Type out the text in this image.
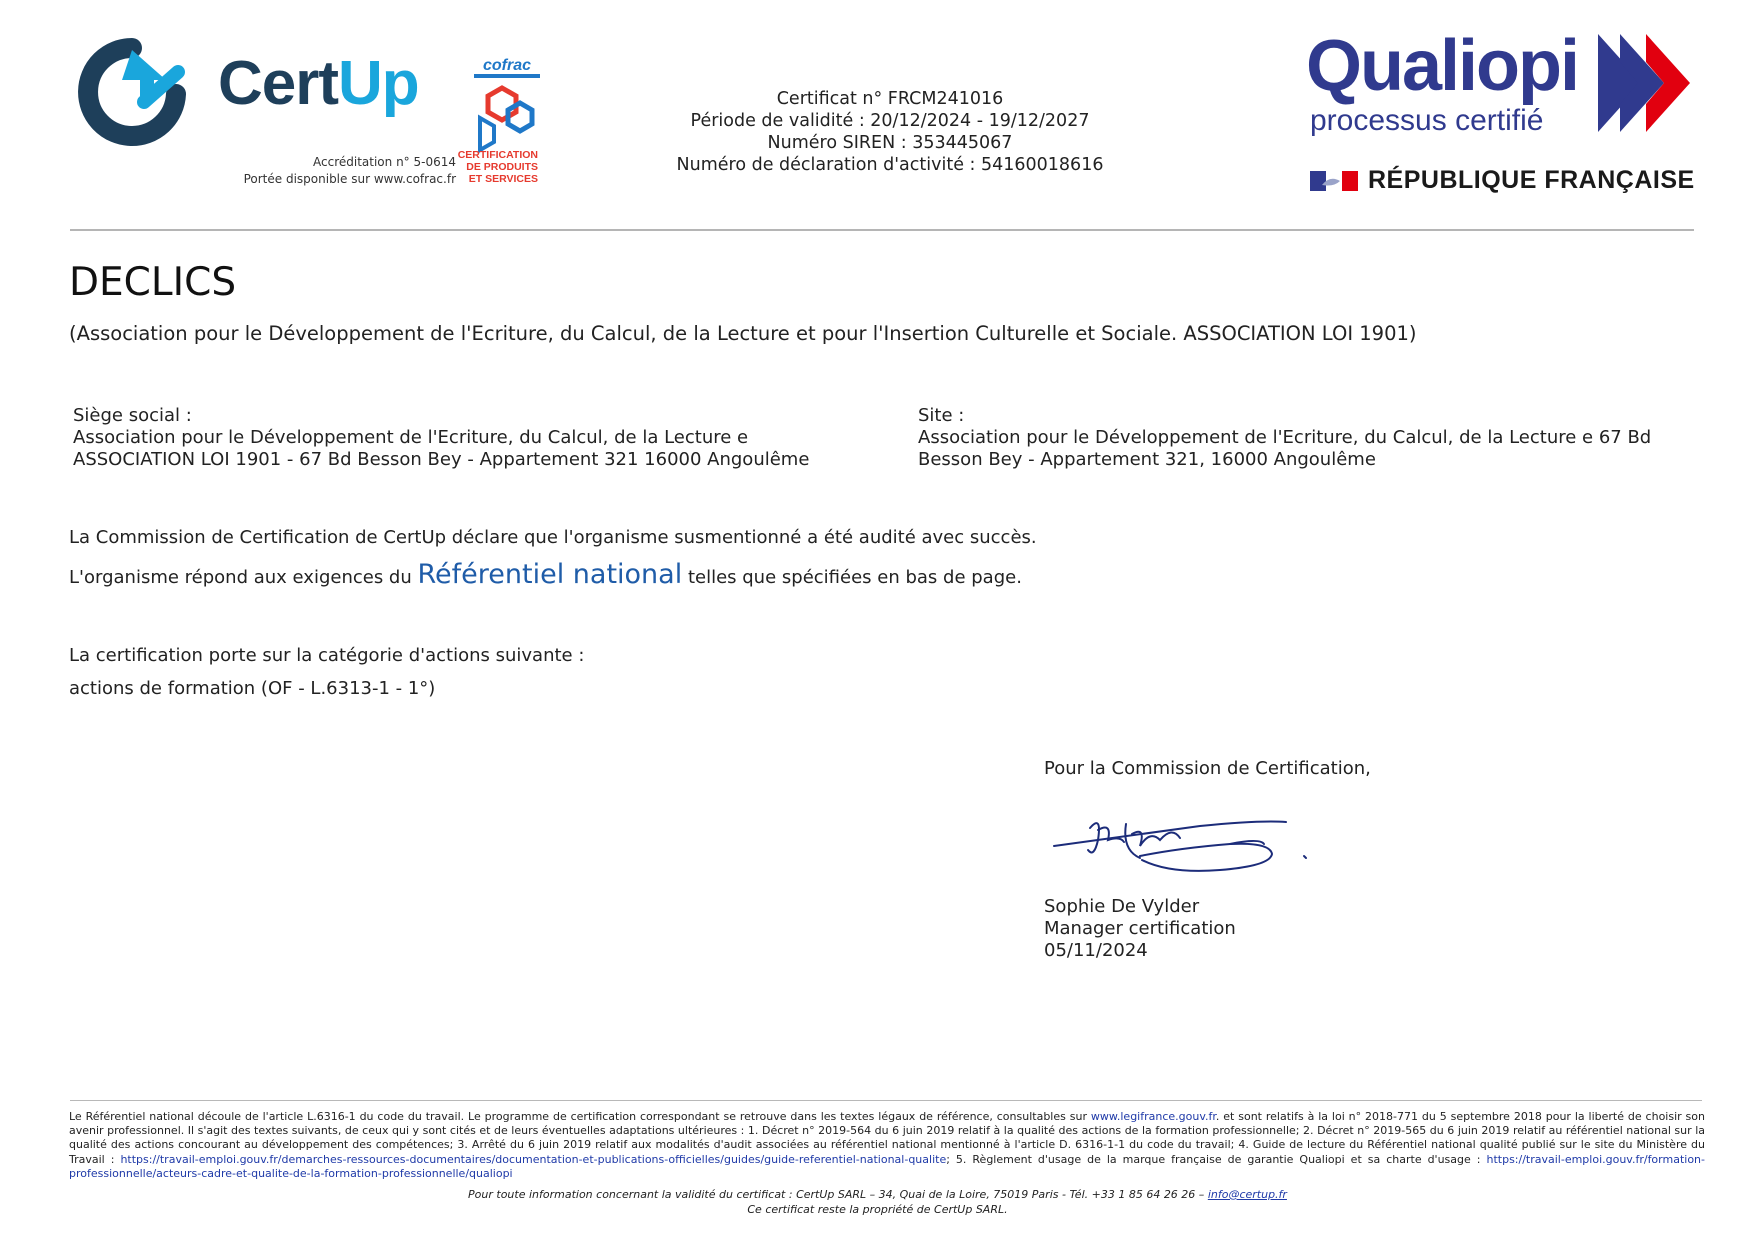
CertUp
Accréditation n° 5-0614
Portée disponible sur www.cofrac.fr
cofrac
CERTIFICATION
DE PRODUITS
ET SERVICES
Certificat n° FRCM241016
Période de validité : 20/12/2024 - 19/12/2027
Numéro SIREN : 353445067
Numéro de déclaration d'activité : 54160018616
Qualiopi
processus certifié
RÉPUBLIQUE FRANÇAISE
DECLICS
(Association pour le Développement de l'Ecriture, du Calcul, de la Lecture et pour l'Insertion Culturelle et Sociale. ASSOCIATION LOI 1901)
Siège social :
Association pour le Développement de l'Ecriture, du Calcul, de la Lecture e
ASSOCIATION LOI 1901 - 67 Bd Besson Bey - Appartement 321 16000 Angoulême
Site :
Association pour le Développement de l'Ecriture, du Calcul, de la Lecture e 67 Bd
Besson Bey - Appartement 321, 16000 Angoulême
La Commission de Certification de CertUp déclare que l'organisme susmentionné a été audité avec succès.
L'organisme répond aux exigences du Référentiel national telles que spécifiées en bas de page.
La certification porte sur la catégorie d'actions suivante :
actions de formation (OF - L.6313-1 - 1°)
Pour la Commission de Certification,
Sophie De Vylder
Manager certification
05/11/2024
Le Référentiel national découle de l'article L.6316-1 du code du travail. Le programme de certification correspondant se retrouve dans les textes légaux de référence, consultables sur www.legifrance.gouv.fr. et sont relatifs à la loi n° 2018-771 du 5 septembre 2018 pour la liberté de choisir son avenir professionnel. Il s'agit des textes suivants, de ceux qui y sont cités et de leurs éventuelles adaptations ultérieures : 1. Décret n° 2019-564 du 6 juin 2019 relatif à la qualité des actions de la formation professionnelle; 2. Décret n° 2019-565 du 6 juin 2019 relatif au référentiel national sur la qualité des actions concourant au développement des compétences; 3. Arrêté du 6 juin 2019 relatif aux modalités d'audit associées au référentiel national mentionné à l'article D. 6316-1-1 du code du travail; 4. Guide de lecture du Référentiel national qualité publié sur le site du Ministère du Travail : https://travail-emploi.gouv.fr/demarches-ressources-documentaires/documentation-et-publications-officielles/guides/guide-referentiel-national-qualite; 5. Règlement d'usage de la marque française de garantie Qualiopi et sa charte d'usage : https://travail-emploi.gouv.fr/formation-professionnelle/acteurs-cadre-et-qualite-de-la-formation-professionnelle/qualiopi
Pour toute information concernant la validité du certificat : CertUp SARL – 34, Quai de la Loire, 75019 Paris - Tél. +33 1 85 64 26 26 – info@certup.fr
Ce certificat reste la propriété de CertUp SARL.
